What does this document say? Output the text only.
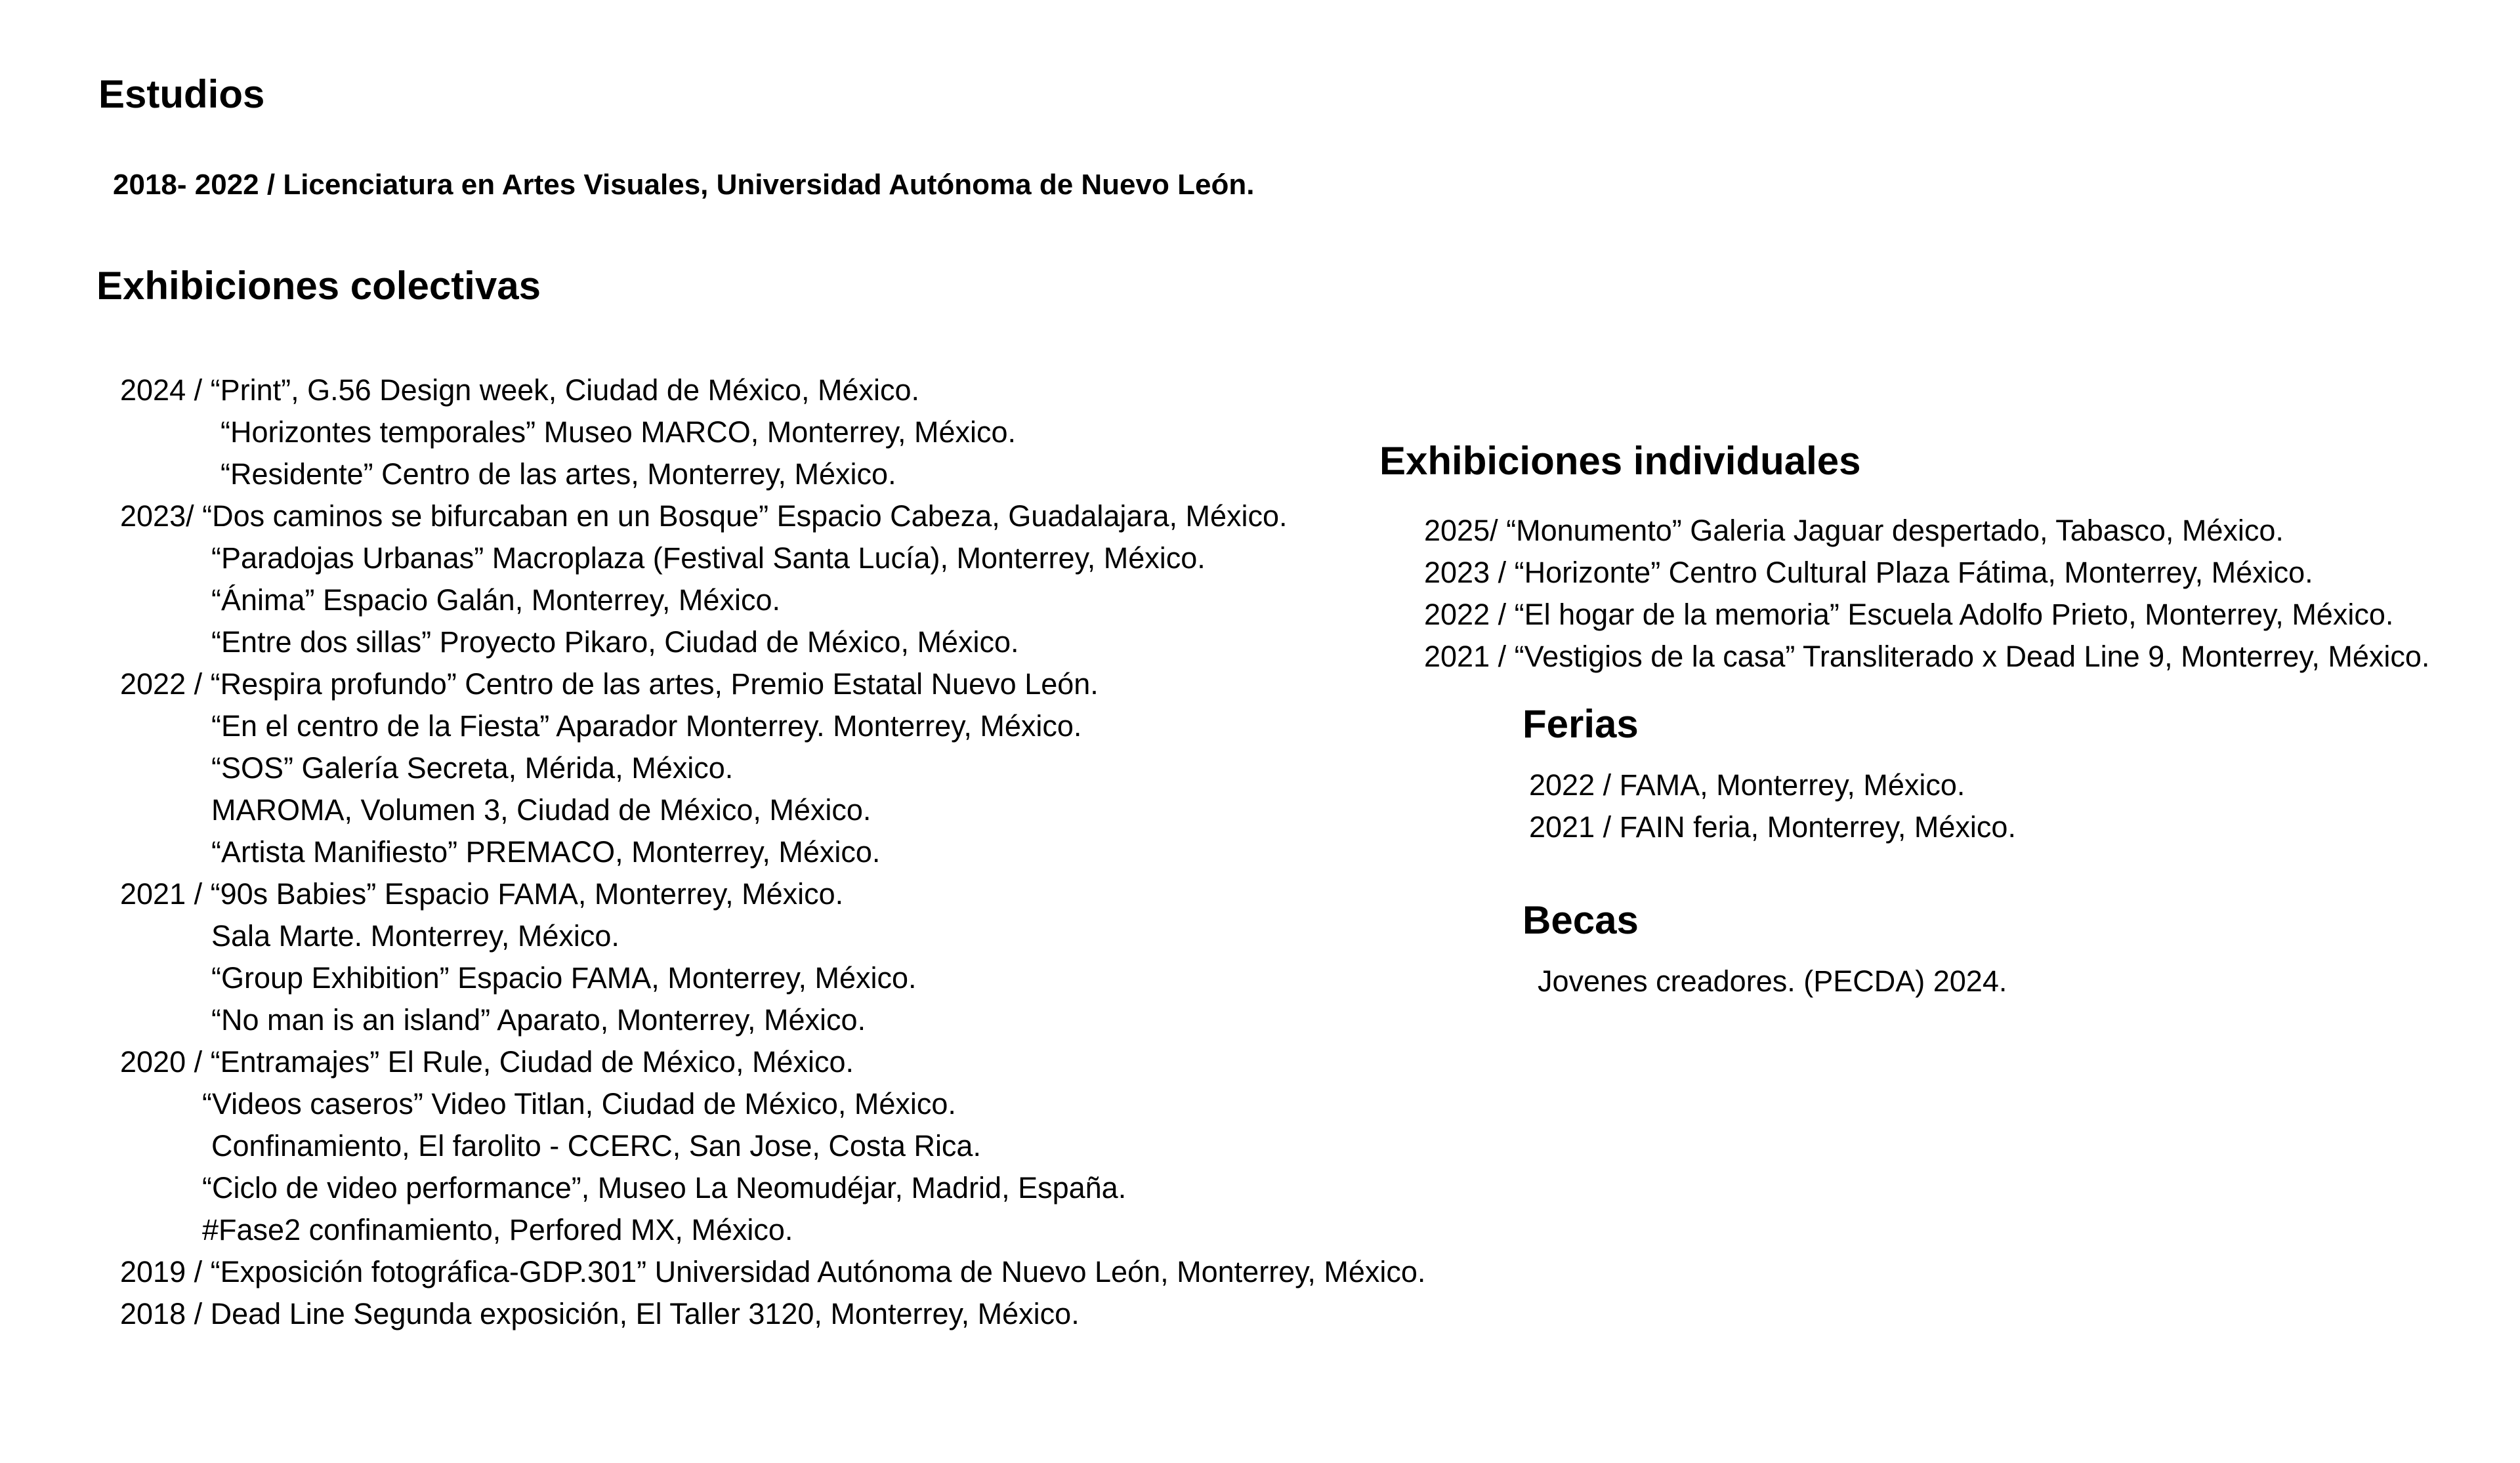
Estudios

2018- 2022 / Licenciatura en Artes Visuales, Universidad Autónoma de Nuevo León.

Exhibiciones colectivas

2024 / “Print”, G.56 Design week, Ciudad de México, México.

“Horizontes temporales” Museo MARCO, Monterrey, México.

“Residente” Centro de las artes, Monterrey, México.

2023/ “Dos caminos se bifurcaban en un Bosque” Espacio Cabeza, Guadalajara, México.

“Paradojas Urbanas” Macroplaza (Festival Santa Lucía), Monterrey, México.

“Ánima” Espacio Galán, Monterrey, México.

“Entre dos sillas” Proyecto Pikaro, Ciudad de México, México.

2022 / “Respira profundo” Centro de las artes, Premio Estatal Nuevo León.

“En el centro de la Fiesta” Aparador Monterrey. Monterrey, México.

“SOS” Galería Secreta, Mérida, México.

MAROMA, Volumen 3, Ciudad de México, México.

“Artista Manifiesto” PREMACO, Monterrey, México.

2021 / “90s Babies” Espacio FAMA, Monterrey, México.

Sala Marte. Monterrey, México.

“Group Exhibition” Espacio FAMA, Monterrey, México.

“No man is an island” Aparato, Monterrey, México.

2020 / “Entramajes” El Rule, Ciudad de México, México.

“Videos caseros” Video Titlan, Ciudad de México, México.

Confinamiento, El farolito - CCERC, San Jose, Costa Rica.

“Ciclo de video performance”, Museo La Neomudéjar, Madrid, España.

#Fase2 confinamiento, Perfored MX, México.

2019 / “Exposición fotográfica-GDP.301” Universidad Autónoma de Nuevo León, Monterrey, México.

2018 / Dead Line Segunda exposición, El Taller 3120, Monterrey, México.

Exhibiciones individuales

2025/ “Monumento” Galeria Jaguar despertado, Tabasco, México.

2023 / “Horizonte” Centro Cultural Plaza Fátima, Monterrey, México.

2022 / “El hogar de la memoria” Escuela Adolfo Prieto, Monterrey, México.

2021 / “Vestigios de la casa” Transliterado x Dead Line 9, Monterrey, México.

Ferias

2022 / FAMA, Monterrey, México.

2021 / FAIN feria, Monterrey, México.

Becas

Jovenes creadores. (PECDA) 2024.
